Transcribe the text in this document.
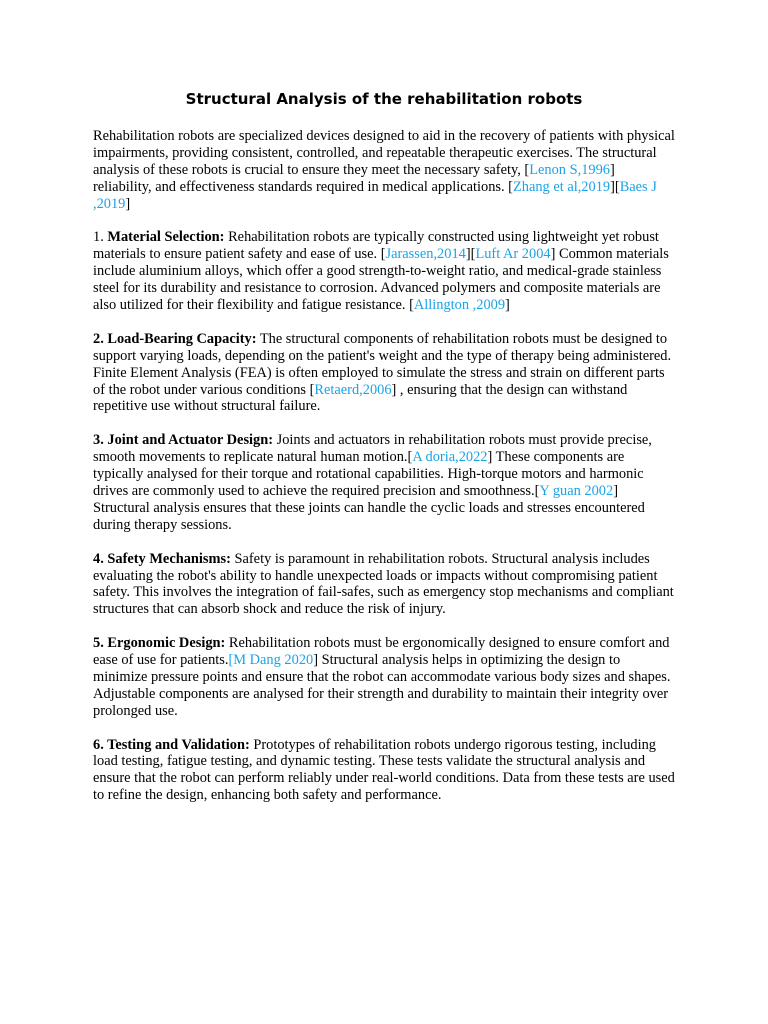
Structural Analysis of the rehabilitation robots

Rehabilitation robots are specialized devices designed to aid in the recovery of patients with physical impairments, providing consistent, controlled, and repeatable therapeutic exercises. The structural analysis of these robots is crucial to ensure they meet the necessary safety, [Lenon S,1996] reliability, and effectiveness standards required in medical applications. [Zhang et al,2019][Baes J ,2019]

1. Material Selection: Rehabilitation robots are typically constructed using lightweight yet robust materials to ensure patient safety and ease of use. [Jarassen,2014][Luft Ar 2004] Common materials include aluminium alloys, which offer a good strength-to-weight ratio, and medical-grade stainless steel for its durability and resistance to corrosion. Advanced polymers and composite materials are also utilized for their flexibility and fatigue resistance. [Allington ,2009]

2. Load-Bearing Capacity: The structural components of rehabilitation robots must be designed to support varying loads, depending on the patient's weight and the type of therapy being administered. Finite Element Analysis (FEA) is often employed to simulate the stress and strain on different parts of the robot under various conditions [Retaerd,2006] , ensuring that the design can withstand repetitive use without structural failure.

3. Joint and Actuator Design: Joints and actuators in rehabilitation robots must provide precise, smooth movements to replicate natural human motion.[A doria,2022] These components are typically analysed for their torque and rotational capabilities. High-torque motors and harmonic drives are commonly used to achieve the required precision and smoothness.[Y guan 2002] Structural analysis ensures that these joints can handle the cyclic loads and stresses encountered during therapy sessions.

4. Safety Mechanisms: Safety is paramount in rehabilitation robots. Structural analysis includes evaluating the robot's ability to handle unexpected loads or impacts without compromising patient safety. This involves the integration of fail-safes, such as emergency stop mechanisms and compliant structures that can absorb shock and reduce the risk of injury.

5. Ergonomic Design: Rehabilitation robots must be ergonomically designed to ensure comfort and ease of use for patients.[M Dang 2020] Structural analysis helps in optimizing the design to minimize pressure points and ensure that the robot can accommodate various body sizes and shapes. Adjustable components are analysed for their strength and durability to maintain their integrity over prolonged use.

6. Testing and Validation: Prototypes of rehabilitation robots undergo rigorous testing, including load testing, fatigue testing, and dynamic testing. These tests validate the structural analysis and ensure that the robot can perform reliably under real-world conditions. Data from these tests are used to refine the design, enhancing both safety and performance.
